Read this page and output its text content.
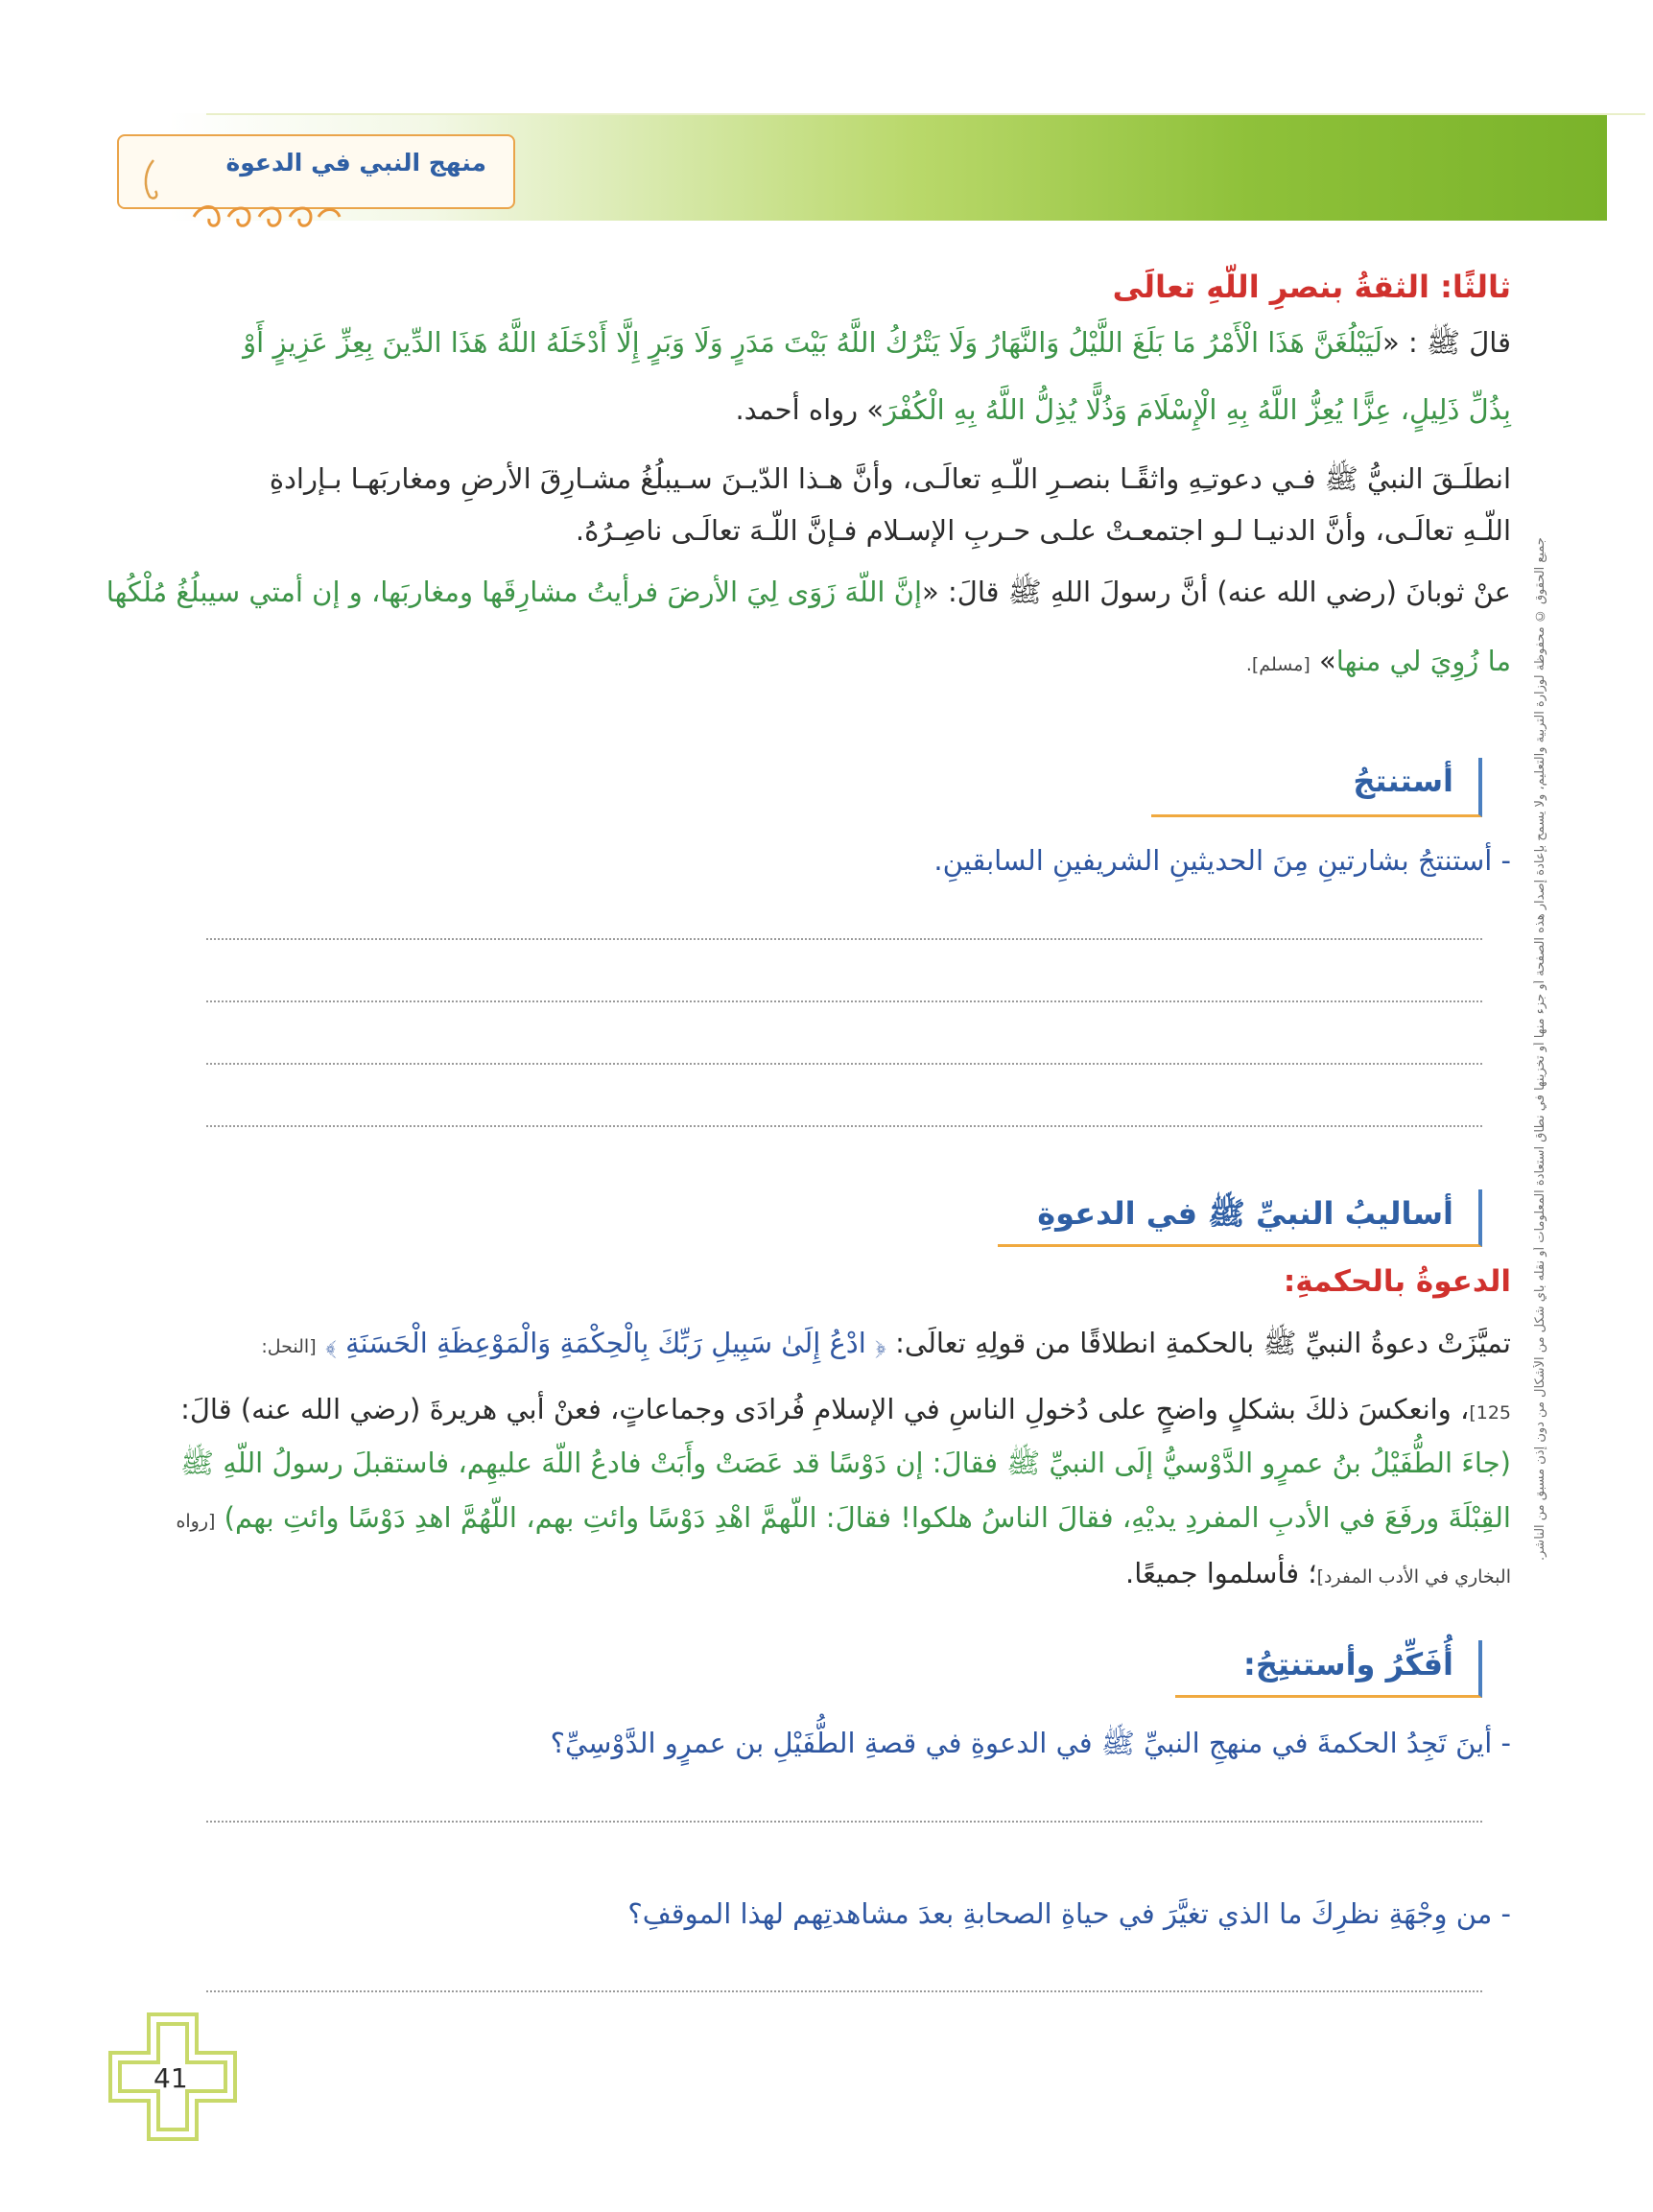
منهج النبي في الدعوة
ثالثًا: الثقةُ بنصرِ اللّهِ تعالَى
قالَ ﷺ : «لَيَبْلُغَنَّ هَذَا الْأَمْرُ مَا بَلَغَ اللَّيْلُ وَالنَّهَارُ وَلَا يَتْرُكُ اللَّهُ بَيْتَ مَدَرٍ وَلَا وَبَرٍ إِلَّا أَدْخَلَهُ اللَّهُ هَذَا الدِّينَ بِعِزِّ عَزِيزٍ أَوْ
بِذُلِّ ذَلِيلٍ، عِزًّا يُعِزُّ اللَّهُ بِهِ الْإِسْلَامَ وَذُلًّا يُذِلُّ اللَّهُ بِهِ الْكُفْرَ» رواه أحمد.
انطلَـقَ النبيُّ ﷺ فـي دعوتـِهِ واثقًـا بنصـرِ اللّـهِ تعالَـى، وأنَّ هـذا الدّيـنَ سـيبلُغُ مشـارِقَ الأرضِ ومغاربَهـا بـإرادةِ
اللّـهِ تعالَـى، وأنَّ الدنيـا لـو اجتمعـتْ علـى حـربِ الإسـلام فـإنَّ اللّـهَ تعالَـى ناصِـرُهُ.
عنْ ثوبانَ (رضي الله عنه) أنَّ رسولَ اللهِ ﷺ قالَ: «إنَّ اللّهَ زَوَى لِيَ الأرضَ فرأيتُ مشارِقَها ومغاربَها، و إن أمتي سيبلُغُ مُلْكُها
ما زُوِيَ لي منها» [مسلم].
أستنتجُ
- أستنتجُ بشارتينِ مِنَ الحديثينِ الشريفينِ السابقينِ.
أساليبُ النبيِّ ﷺ في الدعوةِ
الدعوةُ بالحكمةِ:
تميَّزَتْ دعوةُ النبيِّ ﷺ بالحكمةِ انطلاقًا من قولِهِ تعالَى: ﴿ ادْعُ إِلَىٰ سَبِيلِ رَبِّكَ بِالْحِكْمَةِ وَالْمَوْعِظَةِ الْحَسَنَةِ ﴾ [النحل:
125]، وانعكسَ ذلكَ بشكلٍ واضحٍ على دُخولِ الناسِ في الإسلامِ فُرادَى وجماعاتٍ، فعنْ أبي هريرةَ (رضي الله عنه) قالَ:
(جاءَ الطُّفَيْلُ بنُ عمرٍو الدَّوْسيُّ إلَى النبيِّ ﷺ فقالَ: إن دَوْسًا قد عَصَتْ وأَبَتْ فادعُ اللّهَ عليهِم، فاستقبلَ رسولُ اللّهِ ﷺ
القِبْلَةَ ورفَعَ في الأدبِ المفردِ يديْهِ، فقالَ الناسُ هلكوا! فقالَ: اللّهمَّ اهْدِ دَوْسًا وائتِ بهم، اللّهُمَّ اهدِ دَوْسًا وائتِ بهم) [رواه
البخاري في الأدب المفرد]؛ فأسلموا جميعًا.
أُفَكِّرُ وأستنتِجُ:
- أينَ تَجِدُ الحكمةَ في منهجِ النبيِّ ﷺ في الدعوةِ في قصةِ الطُّفَيْلِ بن عمرٍو الدَّوْسِيِّ؟
- من وِجْهَةِ نظرِكَ ما الذي تغيَّرَ في حياةِ الصحابةِ بعدَ مشاهدتِهم لهذا الموقفِ؟
جميع الحقوق © محفوظة لوزارة التربية والتعليم، ولا يسمح بإعادة إصدار هذه الصفحة أو جزء منها أو تخزينها في نطاق استعادة المعلومات أو نقله بأي شكل من الأشكال من دون إذن مسبق من الناشر.
41
